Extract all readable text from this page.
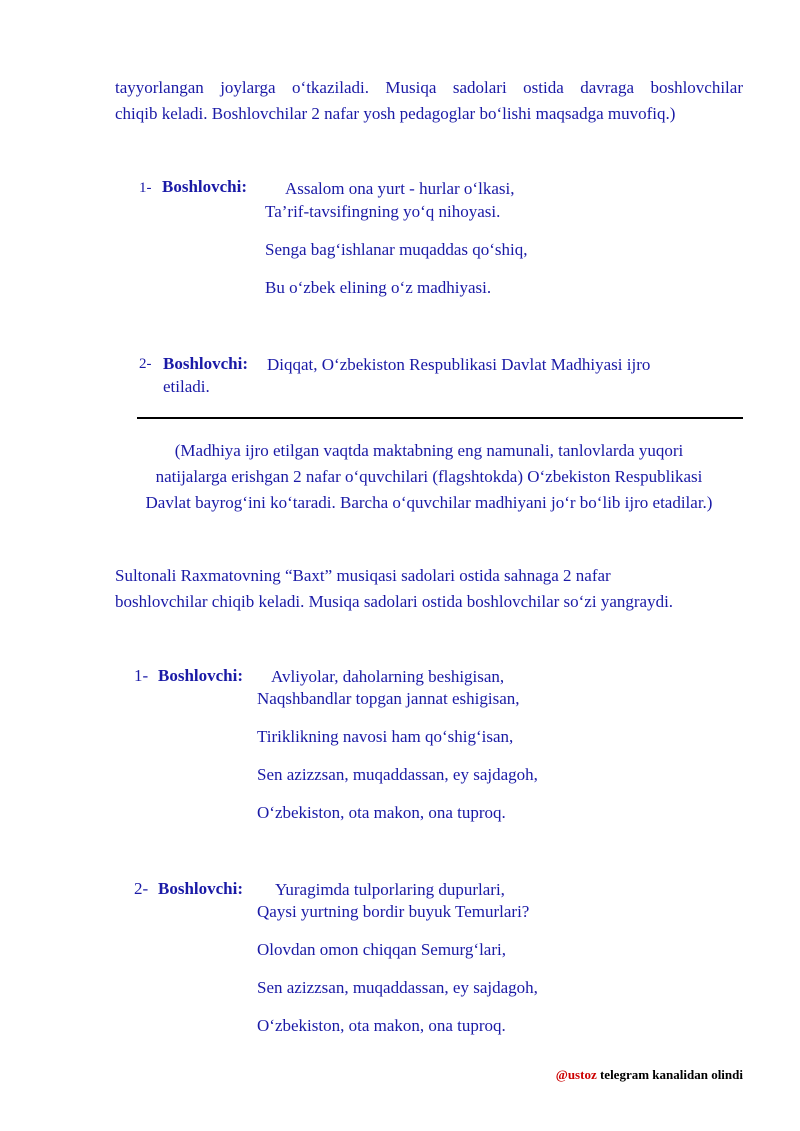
tayyorlangan joylarga o‘tkaziladi. Musiqa sadolari ostida davraga boshlovchilar
chiqib keladi. Boshlovchilar 2 nafar yosh pedagoglar bo‘lishi maqsadga muvofiq.)
1- Boshlovchi: Assalom ona yurt - hurlar o‘lkasi,
Ta’rif-tavsifingning yo‘q nihoyasi.
Senga bag‘ishlanar muqaddas qo‘shiq,
Bu o‘zbek elining o‘z madhiyasi.
2- Boshlovchi: Diqqat, O‘zbekiston Respublikasi Davlat Madhiyasi ijro
etiladi.
(Madhiya ijro etilgan vaqtda maktabning eng namunali, tanlovlarda yuqori
natijalarga erishgan 2 nafar o‘quvchilari (flagshtokda) O‘zbekiston Respublikasi
Davlat bayrog‘ini ko‘taradi. Barcha o‘quvchilar madhiyani jo‘r bo‘lib ijro etadilar.)
Sultonali Raxmatovning “Baxt” musiqasi sadolari ostida sahnaga 2 nafar
boshlovchilar chiqib keladi. Musiqa sadolari ostida boshlovchilar so‘zi yangraydi.
1- Boshlovchi: Avliyolar, daholarning beshigisan,
Naqshbandlar topgan jannat eshigisan,
Tiriklikning navosi ham qo‘shig‘isan,
Sen azizzsan, muqaddassan, ey sajdagoh,
O‘zbekiston, ota makon, ona tuproq.
2- Boshlovchi: Yuragimda tulporlaring dupurlari,
Qaysi yurtning bordir buyuk Temurlari?
Olovdan omon chiqqan Semurg‘lari,
Sen azizzsan, muqaddassan, ey sajdagoh,
O‘zbekiston, ota makon, ona tuproq.
@ustoz telegram kanalidan olindi
